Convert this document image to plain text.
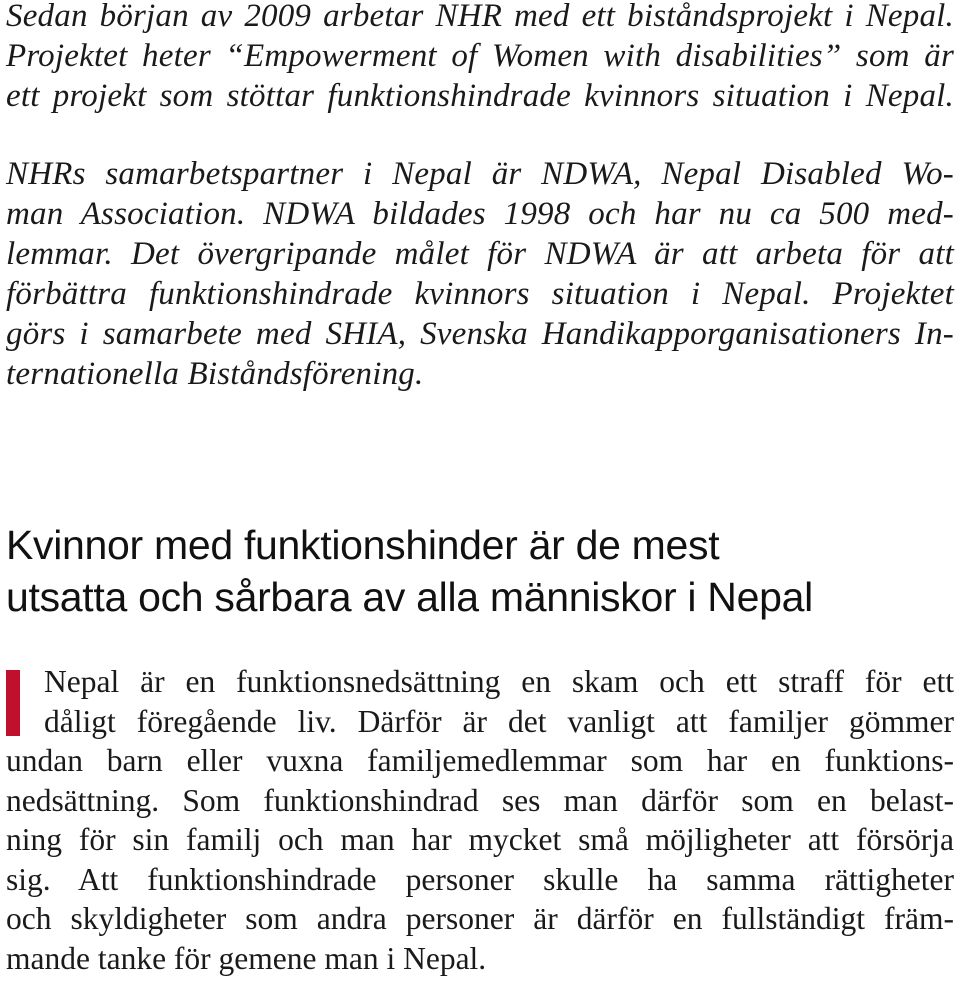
Sedan början av 2009 arbetar NHR med ett biståndsprojekt i Nepal.
Projektet heter “Empowerment of Women with disabilities” som är
ett projekt som stöttar funktionshindrade kvinnors situation i Nepal.

NHRs samarbetspartner i Nepal är NDWA, Nepal Disabled Wo-
man Association. NDWA bildades 1998 och har nu ca 500 med-
lemmar. Det övergripande målet för NDWA är att arbeta för att
förbättra funktionshindrade kvinnors situation i Nepal. Projektet
görs i samarbete med SHIA, Svenska Handikapporganisationers In-
ternationella Biståndsförening.

Kvinnor med funktionshinder är de mest
utsatta och sårbara av alla människor i Nepal
Nepal är en funktionsnedsättning en skam och ett straff för ett
dåligt föregående liv. Därför är det vanligt att familjer gömmer
undan barn eller vuxna familjemedlemmar som har en funktions-
nedsättning. Som funktionshindrad ses man därför som en belast-
ning för sin familj och man har mycket små möjligheter att försörja
sig. Att funktionshindrade personer skulle ha samma rättigheter
och skyldigheter som andra personer är därför en fullständigt främ-
mande tanke för gemene man i Nepal.
